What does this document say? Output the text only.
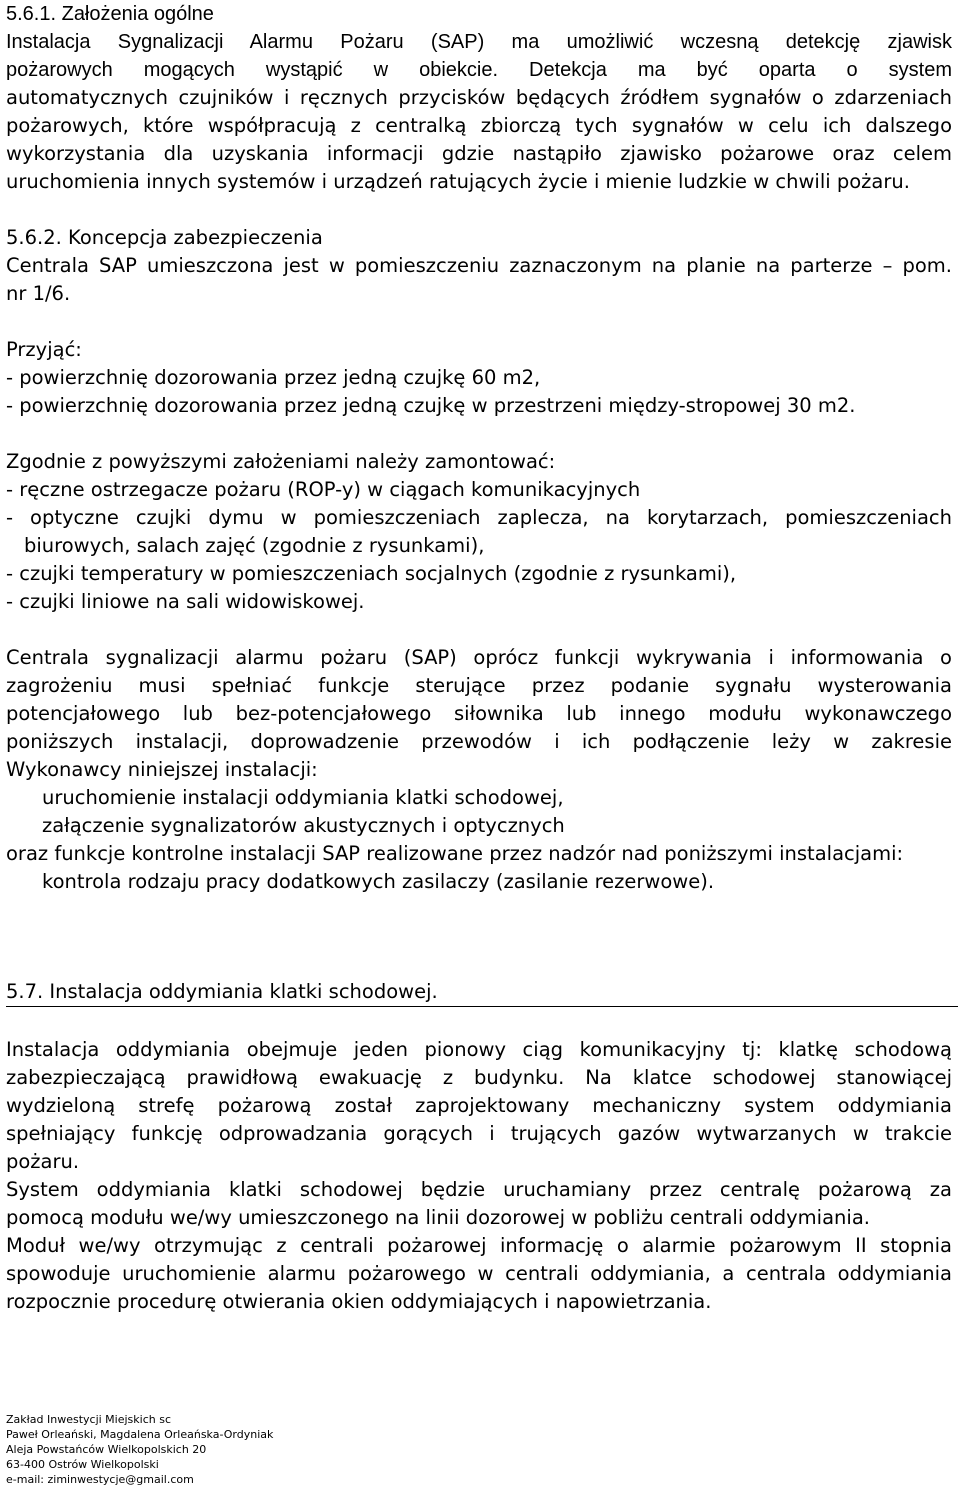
5.6.1. Założenia ogólne
Instalacja Sygnalizacji Alarmu Pożaru (SAP) ma umożliwić wczesną detekcję zjawisk
pożarowych mogących wystąpić w obiekcie. Detekcja ma być oparta o system
automatycznych czujników i ręcznych przycisków będących źródłem sygnałów o zdarzeniach
pożarowych, które współpracują z centralką zbiorczą tych sygnałów w celu ich dalszego
wykorzystania dla uzyskania informacji gdzie nastąpiło zjawisko pożarowe oraz celem
uruchomienia innych systemów i urządzeń ratujących życie i mienie ludzkie w chwili pożaru.
5.6.2. Koncepcja zabezpieczenia
Centrala SAP umieszczona jest w pomieszczeniu zaznaczonym na planie na parterze – pom.
nr 1/6.
Przyjąć:
- powierzchnię dozorowania przez jedną czujkę 60 m2,
- powierzchnię dozorowania przez jedną czujkę w przestrzeni między-stropowej 30 m2.
Zgodnie z powyższymi założeniami należy zamontować:
- ręczne ostrzegacze pożaru (ROP-y) w ciągach komunikacyjnych
- optyczne czujki dymu w pomieszczeniach zaplecza, na korytarzach, pomieszczeniach
biurowych, salach zajęć (zgodnie z rysunkami),
- czujki temperatury w pomieszczeniach socjalnych (zgodnie z rysunkami),
- czujki liniowe na sali widowiskowej.
Centrala sygnalizacji alarmu pożaru (SAP) oprócz funkcji wykrywania i informowania o
zagrożeniu musi spełniać funkcje sterujące przez podanie sygnału wysterowania
potencjałowego lub bez-potencjałowego siłownika lub innego modułu wykonawczego
poniższych instalacji, doprowadzenie przewodów i ich podłączenie leży w zakresie
Wykonawcy niniejszej instalacji:
uruchomienie instalacji oddymiania klatki schodowej,
załączenie sygnalizatorów akustycznych i optycznych
oraz funkcje kontrolne instalacji SAP realizowane przez nadzór nad poniższymi instalacjami:
kontrola rodzaju pracy dodatkowych zasilaczy (zasilanie rezerwowe).
5.7. Instalacja oddymiania klatki schodowej.
Instalacja oddymiania obejmuje jeden pionowy ciąg komunikacyjny tj: klatkę schodową
zabezpieczającą prawidłową ewakuację z budynku. Na klatce schodowej stanowiącej
wydzieloną strefę pożarową został zaprojektowany mechaniczny system oddymiania
spełniający funkcję odprowadzania gorących i trujących gazów wytwarzanych w trakcie
pożaru.
System oddymiania klatki schodowej będzie uruchamiany przez centralę pożarową za
pomocą modułu we/wy umieszczonego na linii dozorowej w pobliżu centrali oddymiania.
Moduł we/wy otrzymując z centrali pożarowej informację o alarmie pożarowym II stopnia
spowoduje uruchomienie alarmu pożarowego w centrali oddymiania, a centrala oddymiania
rozpocznie procedurę otwierania okien oddymiających i napowietrzania.
Zakład Inwestycji Miejskich sc
Paweł Orleański, Magdalena Orleańska-Ordyniak
Aleja Powstańców Wielkopolskich 20
63-400 Ostrów Wielkopolski
e-mail: ziminwestycje@gmail.com
